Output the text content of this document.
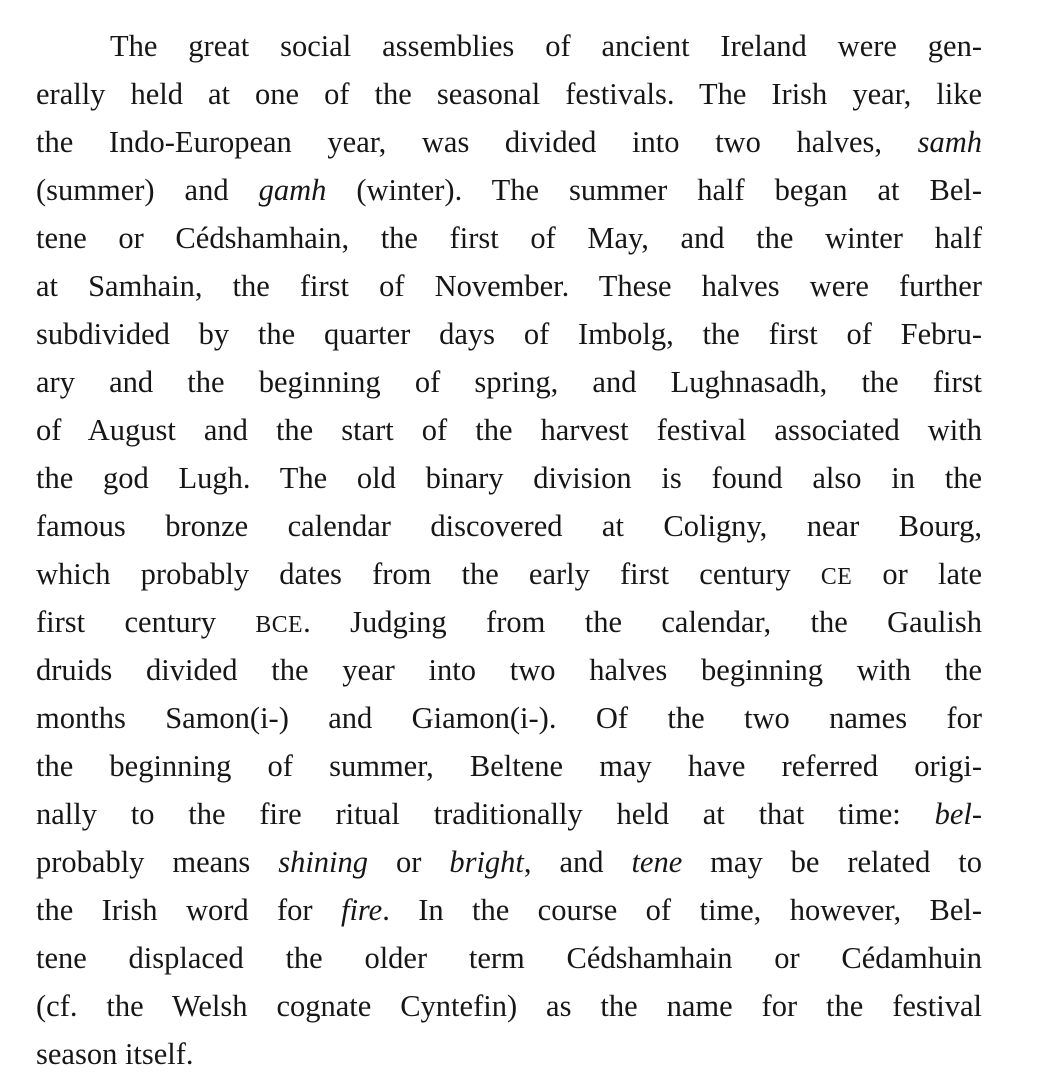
The great social assemblies of ancient Ireland were gen-
erally held at one of the seasonal festivals. The Irish year, like
the Indo-European year, was divided into two halves, samh
(summer) and gamh (winter). The summer half began at Bel-
tene or Cédshamhain, the first of May, and the winter half
at Samhain, the first of November. These halves were further
subdivided by the quarter days of Imbolg, the first of Febru-
ary and the beginning of spring, and Lughnasadh, the first
of August and the start of the harvest festival associated with
the god Lugh. The old binary division is found also in the
famous bronze calendar discovered at Coligny, near Bourg,
which probably dates from the early first century CE or late
first century BCE. Judging from the calendar, the Gaulish
druids divided the year into two halves beginning with the
months Samon(i-) and Giamon(i-). Of the two names for
the beginning of summer, Beltene may have referred origi-
nally to the fire ritual traditionally held at that time: bel-
probably means shining or bright, and tene may be related to
the Irish word for fire. In the course of time, however, Bel-
tene displaced the older term Cédshamhain or Cédamhuin
(cf. the Welsh cognate Cyntefin) as the name for the festival
season itself.
